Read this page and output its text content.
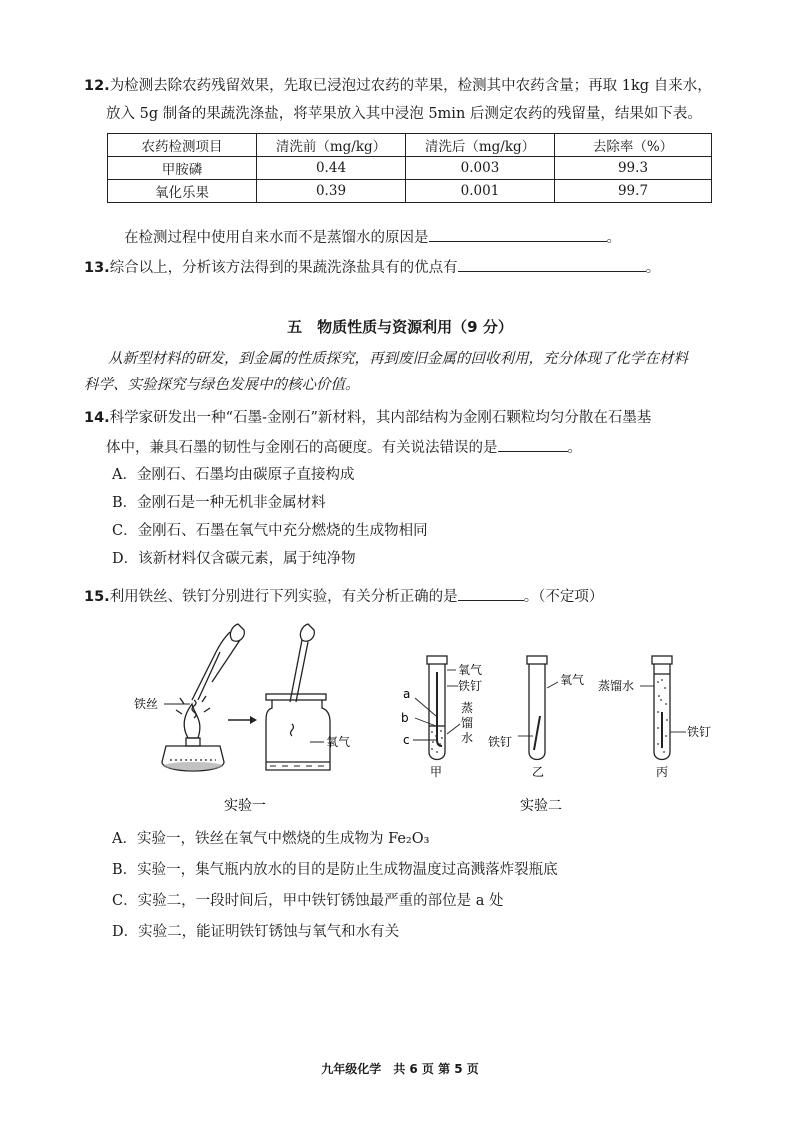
12.为检测去除农药残留效果，先取已浸泡过农药的苹果，检测其中农药含量；再取 1kg 自来水，
放入 5g 制备的果蔬洗涤盐，将苹果放入其中浸泡 5min 后测定农药的残留量，结果如下表。
农药检测项目	清洗前（mg/kg）	清洗后（mg/kg）	去除率（%）
甲胺磷	0.44	0.003	99.3
氧化乐果	0.39	0.001	99.7
在检测过程中使用自来水而不是蒸馏水的原因是	。
13.综合以上，分析该方法得到的果蔬洗涤盐具有的优点有	。
五　物质性质与资源利用（9 分）
从新型材料的研发，到金属的性质探究，再到废旧金属的回收利用，充分体现了化学在材料
科学、实验探究与绿色发展中的核心价值。
14.科学家研发出一种“石墨-金刚石”新材料，其内部结构为金刚石颗粒均匀分散在石墨基
体中，兼具石墨的韧性与金刚石的高硬度。有关说法错误的是	。
A．金刚石、石墨均由碳原子直接构成
B．金刚石是一种无机非金属材料
C．金刚石、石墨在氧气中充分燃烧的生成物相同
D．该新材料仅含碳元素，属于纯净物
15.利用铁丝、铁钉分别进行下列实验，有关分析正确的是	。（不定项）
铁丝
氧气
氧气
铁钉
蒸
馏
水
a
b
c
甲
氧气
铁钉
乙
蒸馏水
铁钉
丙
实验一	实验二
A．实验一，铁丝在氧气中燃烧的生成物为 Fe₂O₃
B．实验一，集气瓶内放水的目的是防止生成物温度过高溅落炸裂瓶底
C．实验二，一段时间后，甲中铁钉锈蚀最严重的部位是 a 处
D．实验二，能证明铁钉锈蚀与氧气和水有关
九年级化学　共 6 页 第 5 页
